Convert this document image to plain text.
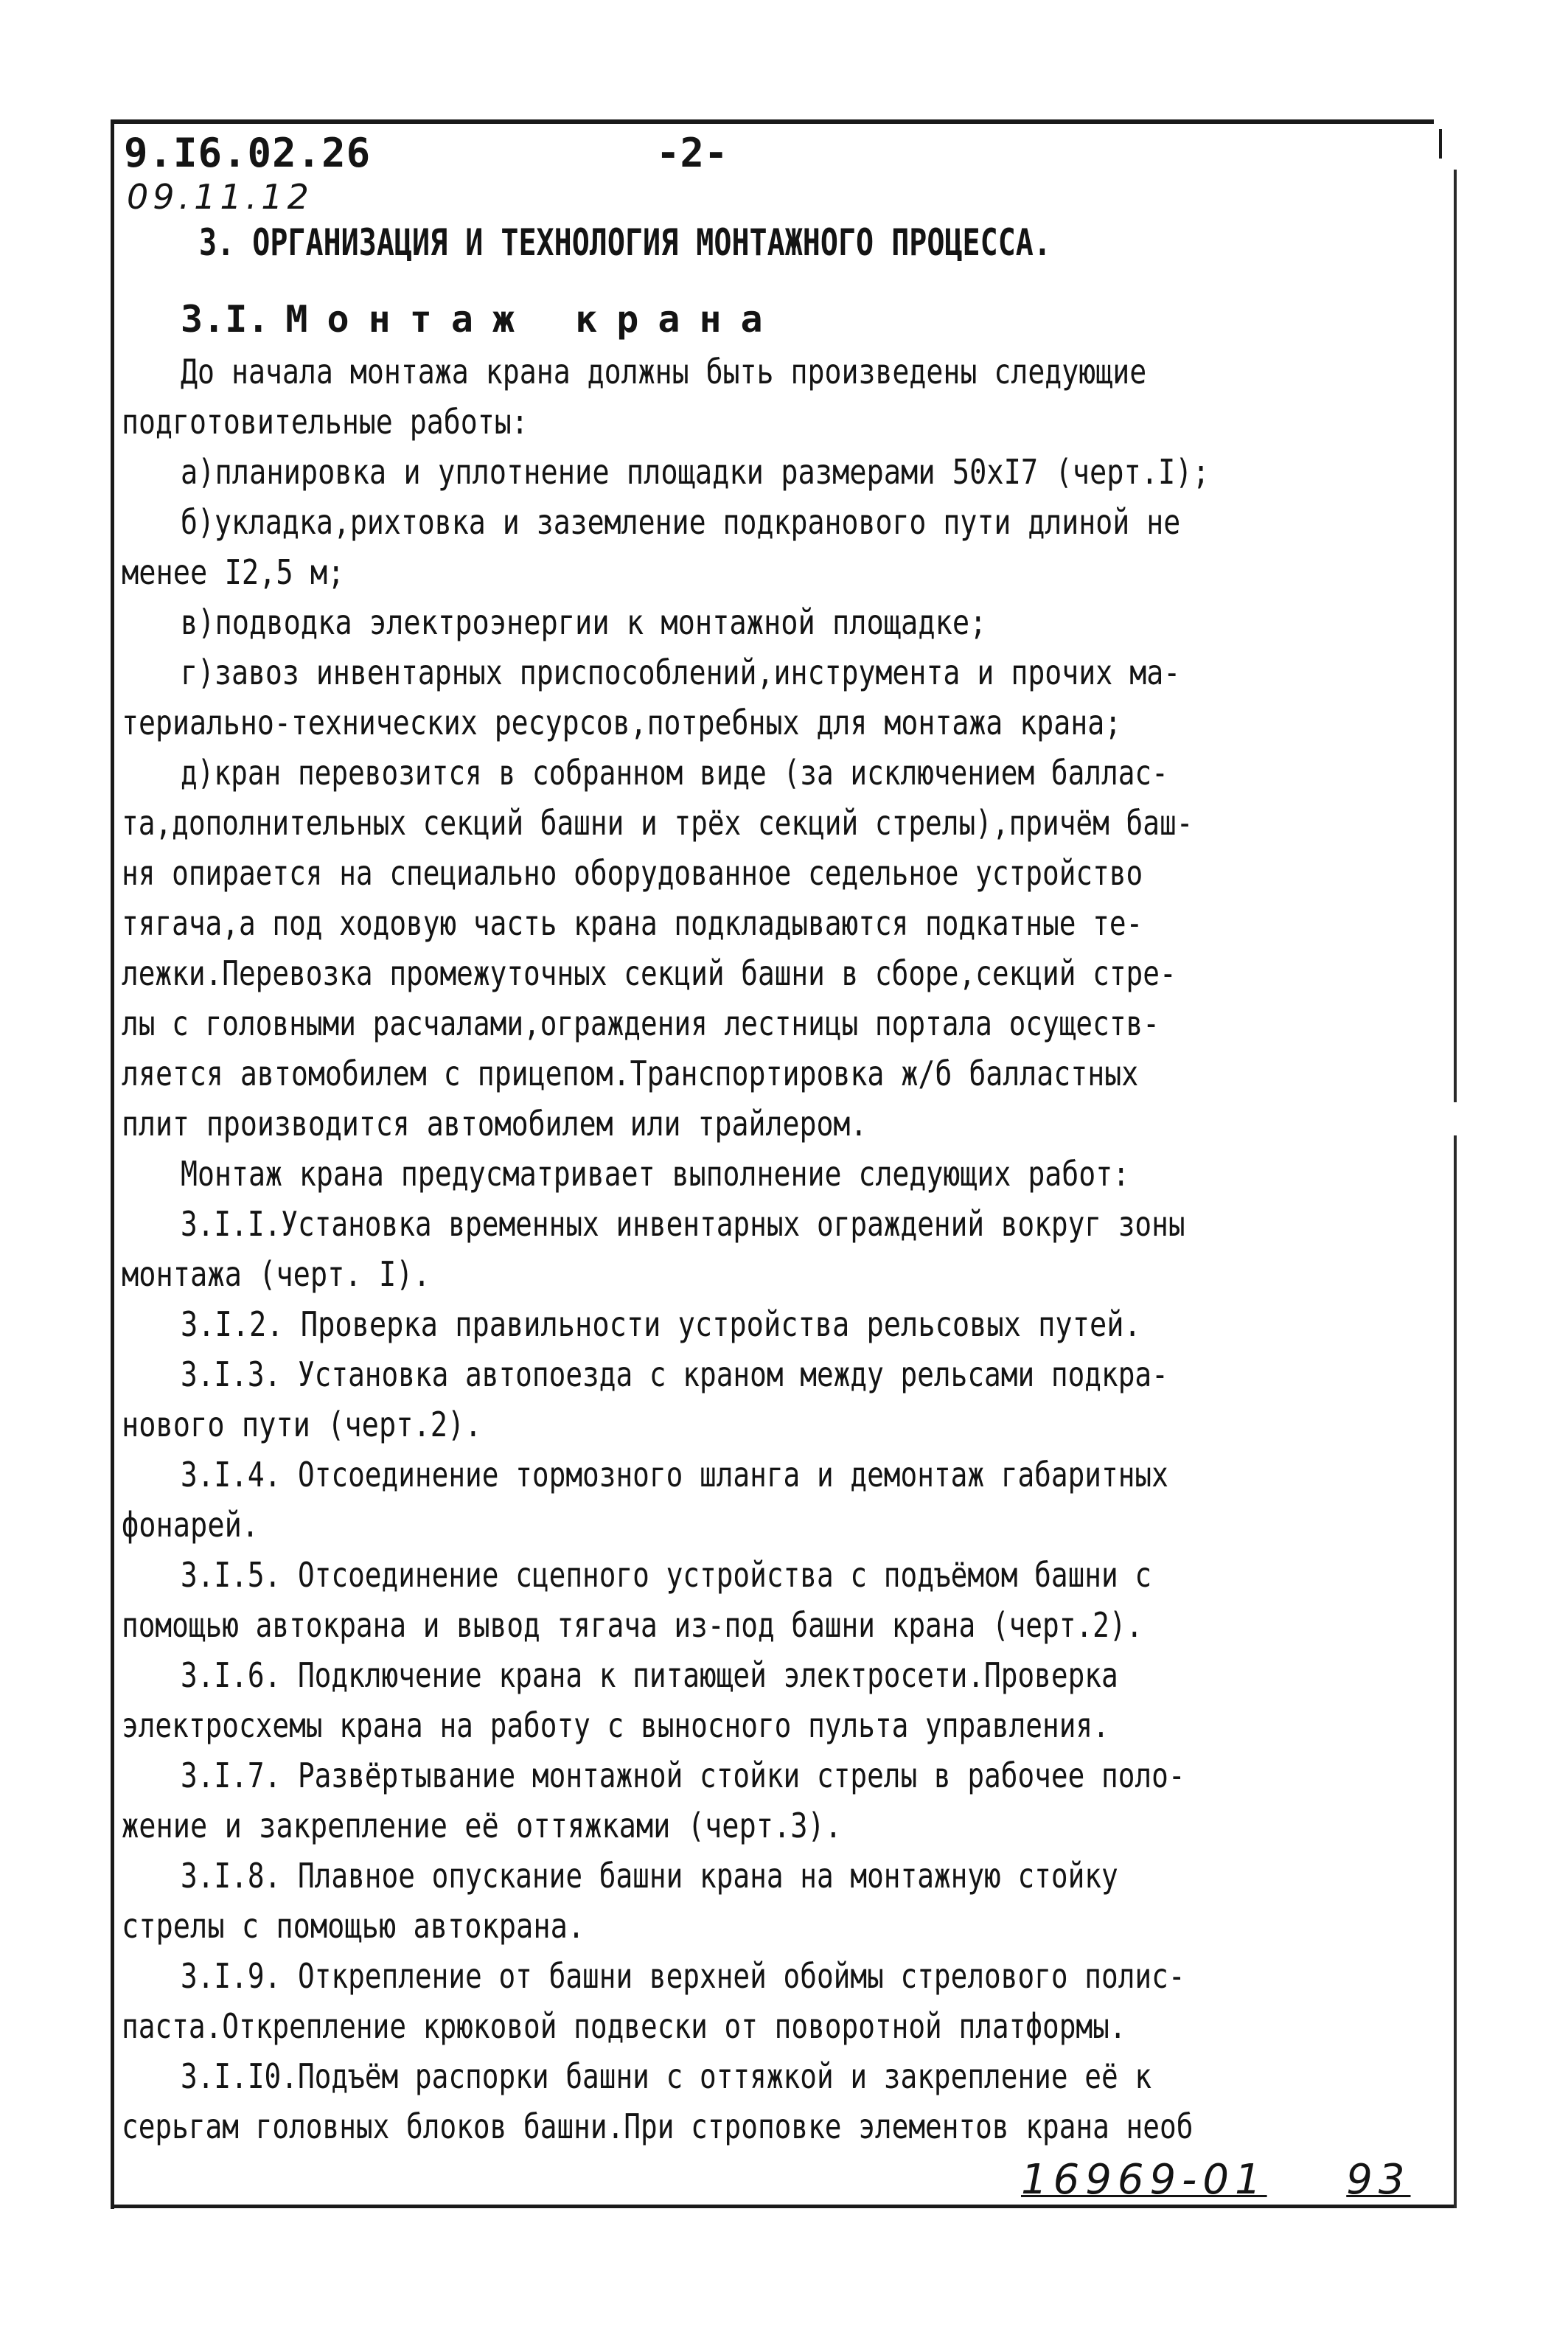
9.I6.02.26
09.11.12
-2-
3. ОРГАНИЗАЦИЯ И ТЕХНОЛОГИЯ МОНТАЖНОГО ПРОЦЕССА.
3.I. Монтаж крана
До начала монтажа крана должны быть произведены следующие
подготовительные работы:
а)планировка и уплотнение площадки размерами 50хI7 (черт.I);
б)укладка,рихтовка и заземление подкранового пути длиной не
менее I2,5 м;
в)подводка электроэнергии к монтажной площадке;
г)завоз инвентарных приспособлений,инструмента и прочих ма-
териально-технических ресурсов,потребных для монтажа крана;
д)кран перевозится в собранном виде (за исключением баллас-
та,дополнительных секций башни и трёх секций стрелы),причём баш-
ня опирается на специально оборудованное седельное устройство
тягача,а под ходовую часть крана подкладываются подкатные те-
лежки.Перевозка промежуточных секций башни в сборе,секций стре-
лы с головными расчалами,ограждения лестницы портала осуществ-
ляется автомобилем с прицепом.Транспортировка ж/б балластных
плит производится автомобилем или трайлером.
Монтаж крана предусматривает выполнение следующих работ:
3.I.I.Установка временных инвентарных ограждений вокруг зоны
монтажа (черт. I).
3.I.2. Проверка правильности устройства рельсовых путей.
3.I.3. Установка автопоезда с краном между рельсами подкра-
нового пути (черт.2).
3.I.4. Отсоединение тормозного шланга и демонтаж габаритных
фонарей.
3.I.5. Отсоединение сцепного устройства с подъёмом башни с
помощью автокрана и вывод тягача из-под башни крана (черт.2).
3.I.6. Подключение крана к питающей электросети.Проверка
электросхемы крана на работу с выносного пульта управления.
3.I.7. Развёртывание монтажной стойки стрелы в рабочее поло-
жение и закрепление её оттяжками (черт.3).
3.I.8. Плавное опускание башни крана на монтажную стойку
стрелы с помощью автокрана.
3.I.9. Открепление от башни верхней обоймы стрелового полис-
паста.Открепление крюковой подвески от поворотной платформы.
3.I.I0.Подъём распорки башни с оттяжкой и закрепление её к
серьгам головных блоков башни.При строповке элементов крана необ
16969-01 93
